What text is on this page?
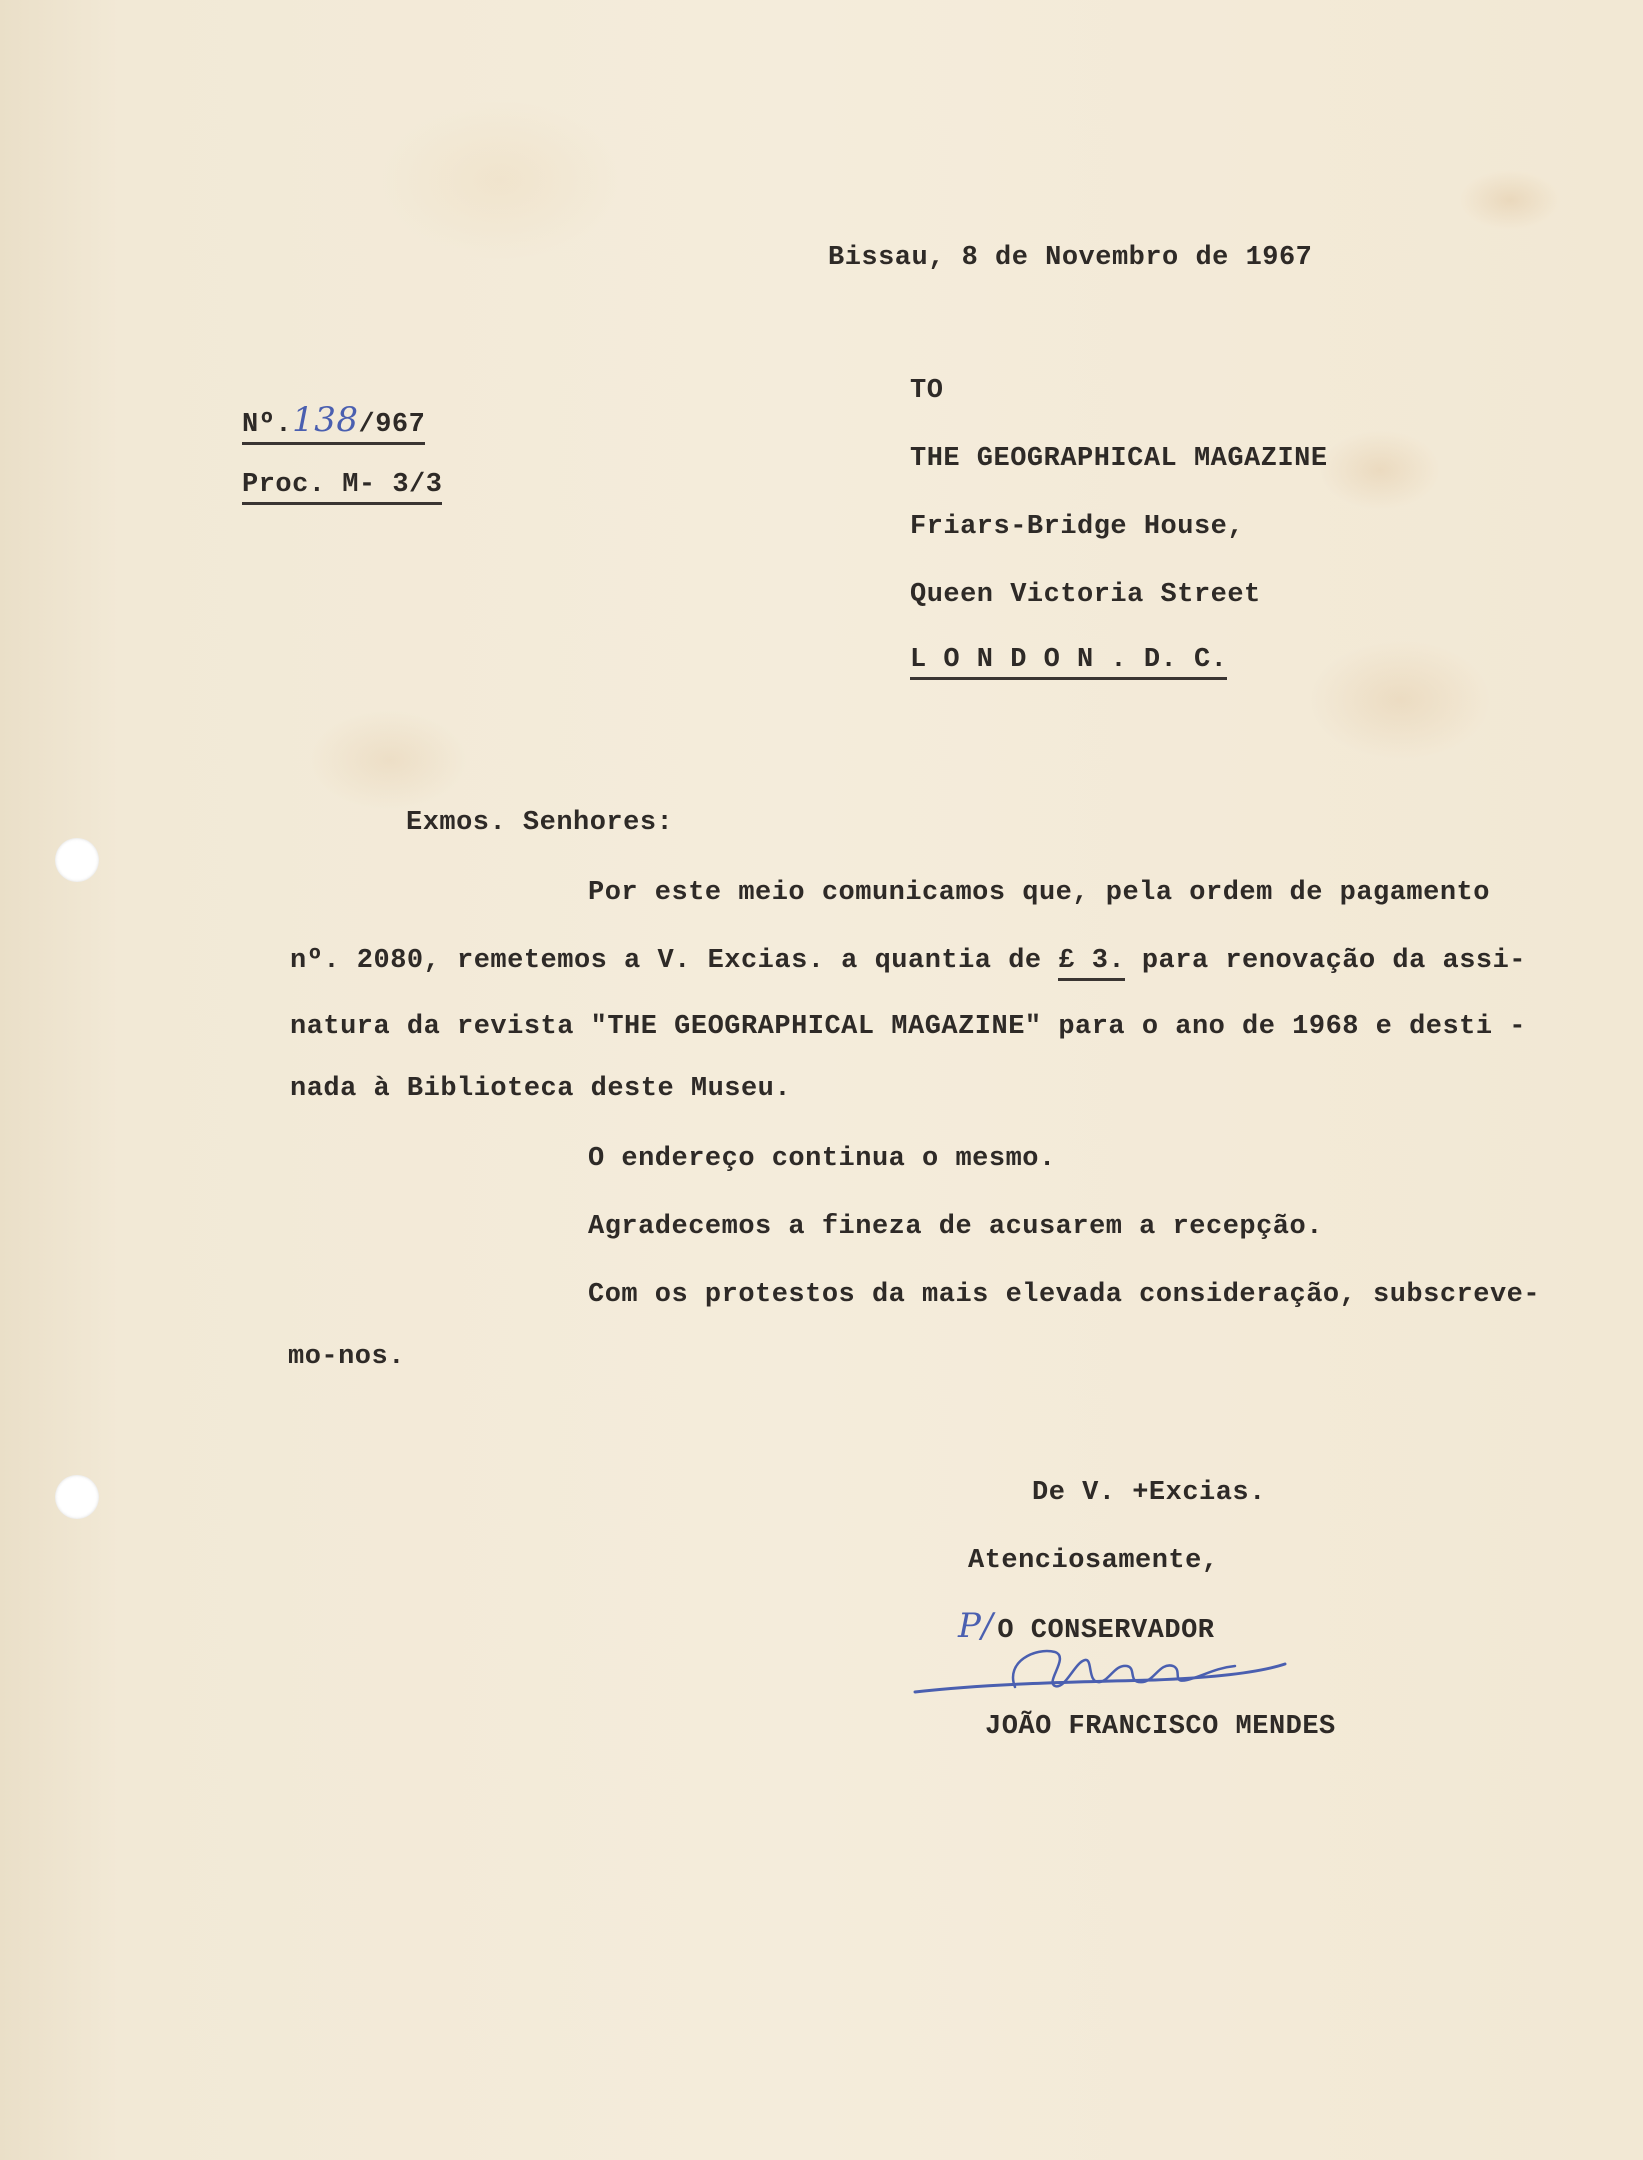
Bissau, 8 de Novembro de 1967
Nº.138/967
Proc. M- 3/3
TO
THE GEOGRAPHICAL MAGAZINE
Friars-Bridge House,
Queen Victoria Street
L O N D O N . D. C.
Exmos. Senhores:
Por este meio comunicamos que, pela ordem de pagamento
nº. 2080, remetemos a V. Excias. a quantia de £ 3. para renovação da assi-
natura da revista "THE GEOGRAPHICAL MAGAZINE" para o ano de 1968 e desti -
nada à Biblioteca deste Museu.
O endereço continua o mesmo.
Agradecemos a fineza de acusarem a recepção.
Com os protestos da mais elevada consideração, subscreve-
mo-nos.
De V. +Excias.
Atenciosamente,
P/ O CONSERVADOR
JOÃO FRANCISCO MENDES
